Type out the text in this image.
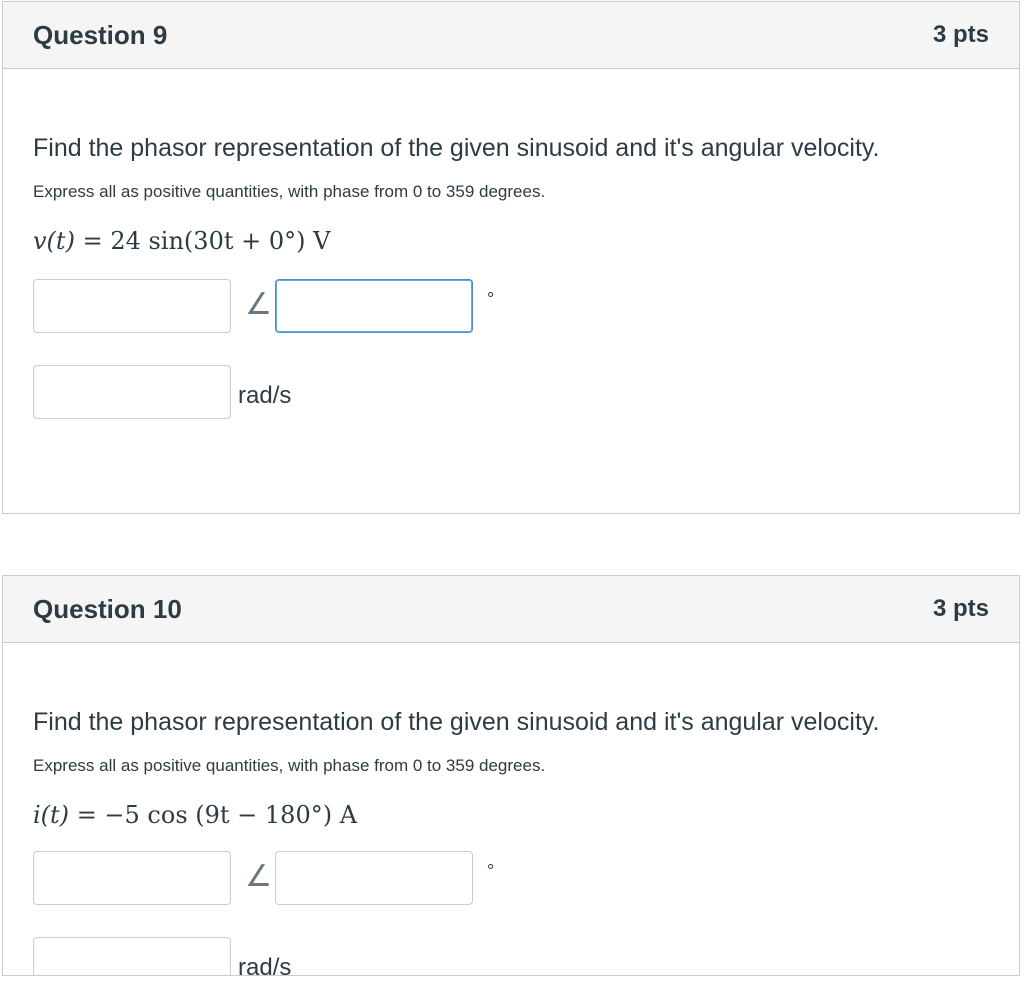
Question 9	3 pts
Find the phasor representation of the given sinusoid and it's angular velocity.
Express all as positive quantities, with phase from 0 to 359 degrees.
v(t) = 24 sin(30t + 0°) V
∠	°
rad/s
Question 10	3 pts
Find the phasor representation of the given sinusoid and it's angular velocity.
Express all as positive quantities, with phase from 0 to 359 degrees.
i(t) = −5 cos (9t − 180°) A
∠	°
rad/s
